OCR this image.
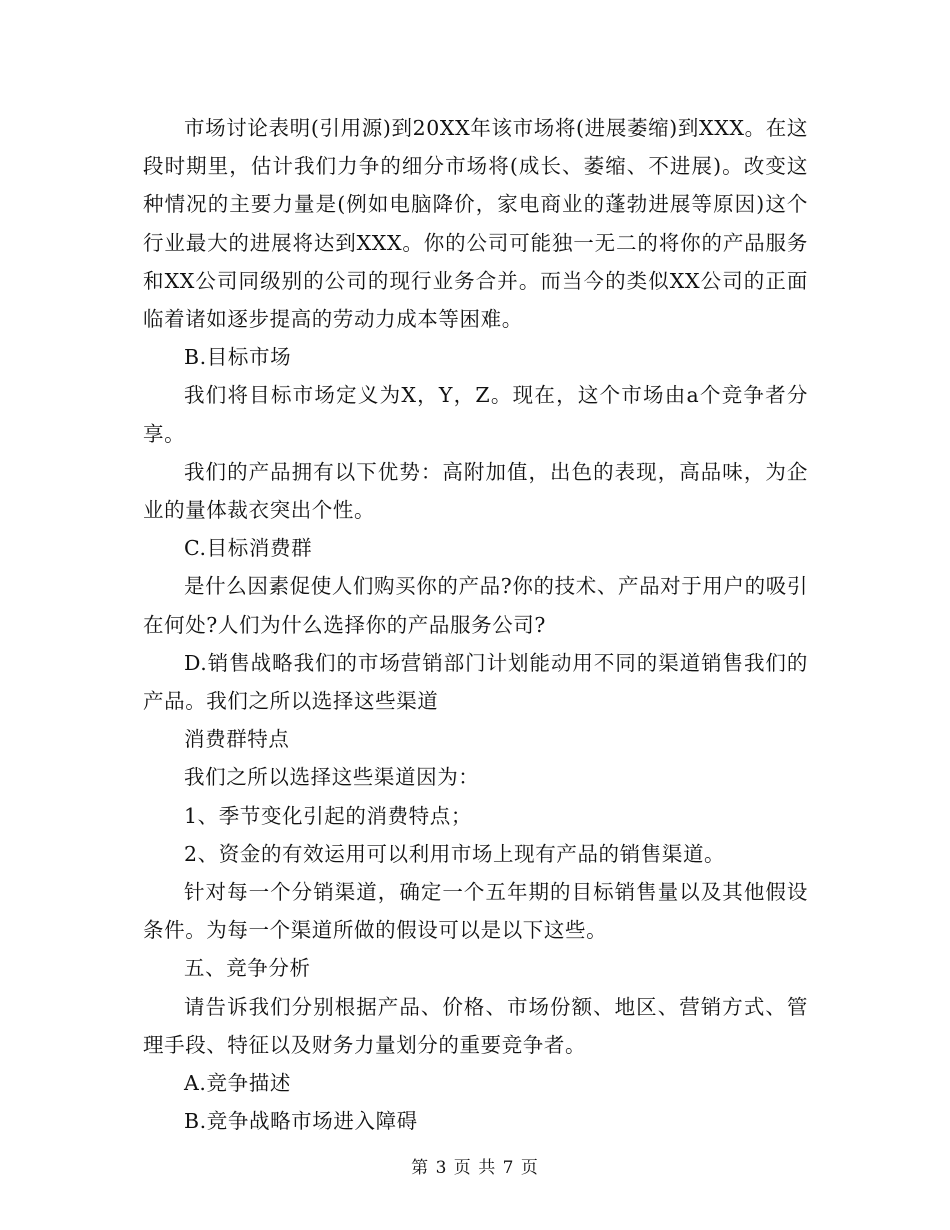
市场讨论表明(引用源)到20XX年该市场将(进展萎缩)到XXX。在这段时期里，估计我们力争的细分市场将(成长、萎缩、不进展)。改变这种情况的主要力量是(例如电脑降价，家电商业的蓬勃进展等原因)这个行业最大的进展将达到XXX。你的公司可能独一无二的将你的产品服务和XX公司同级别的公司的现行业务合并。而当今的类似XX公司的正面临着诸如逐步提高的劳动力成本等困难。

B.目标市场

我们将目标市场定义为X，Y，Z。现在，这个市场由a个竞争者分享。

我们的产品拥有以下优势：高附加值，出色的表现，高品味，为企业的量体裁衣突出个性。

C.目标消费群

是什么因素促使人们购买你的产品?你的技术、产品对于用户的吸引在何处?人们为什么选择你的产品服务公司?

D.销售战略我们的市场营销部门计划能动用不同的渠道销售我们的产品。我们之所以选择这些渠道

消费群特点

我们之所以选择这些渠道因为：

1、季节变化引起的消费特点；

2、资金的有效运用可以利用市场上现有产品的销售渠道。

针对每一个分销渠道，确定一个五年期的目标销售量以及其他假设条件。为每一个渠道所做的假设可以是以下这些。

五、竞争分析

请告诉我们分别根据产品、价格、市场份额、地区、营销方式、管理手段、特征以及财务力量划分的重要竞争者。

A.竞争描述

B.竞争战略市场进入障碍

第 3 页 共 7 页
